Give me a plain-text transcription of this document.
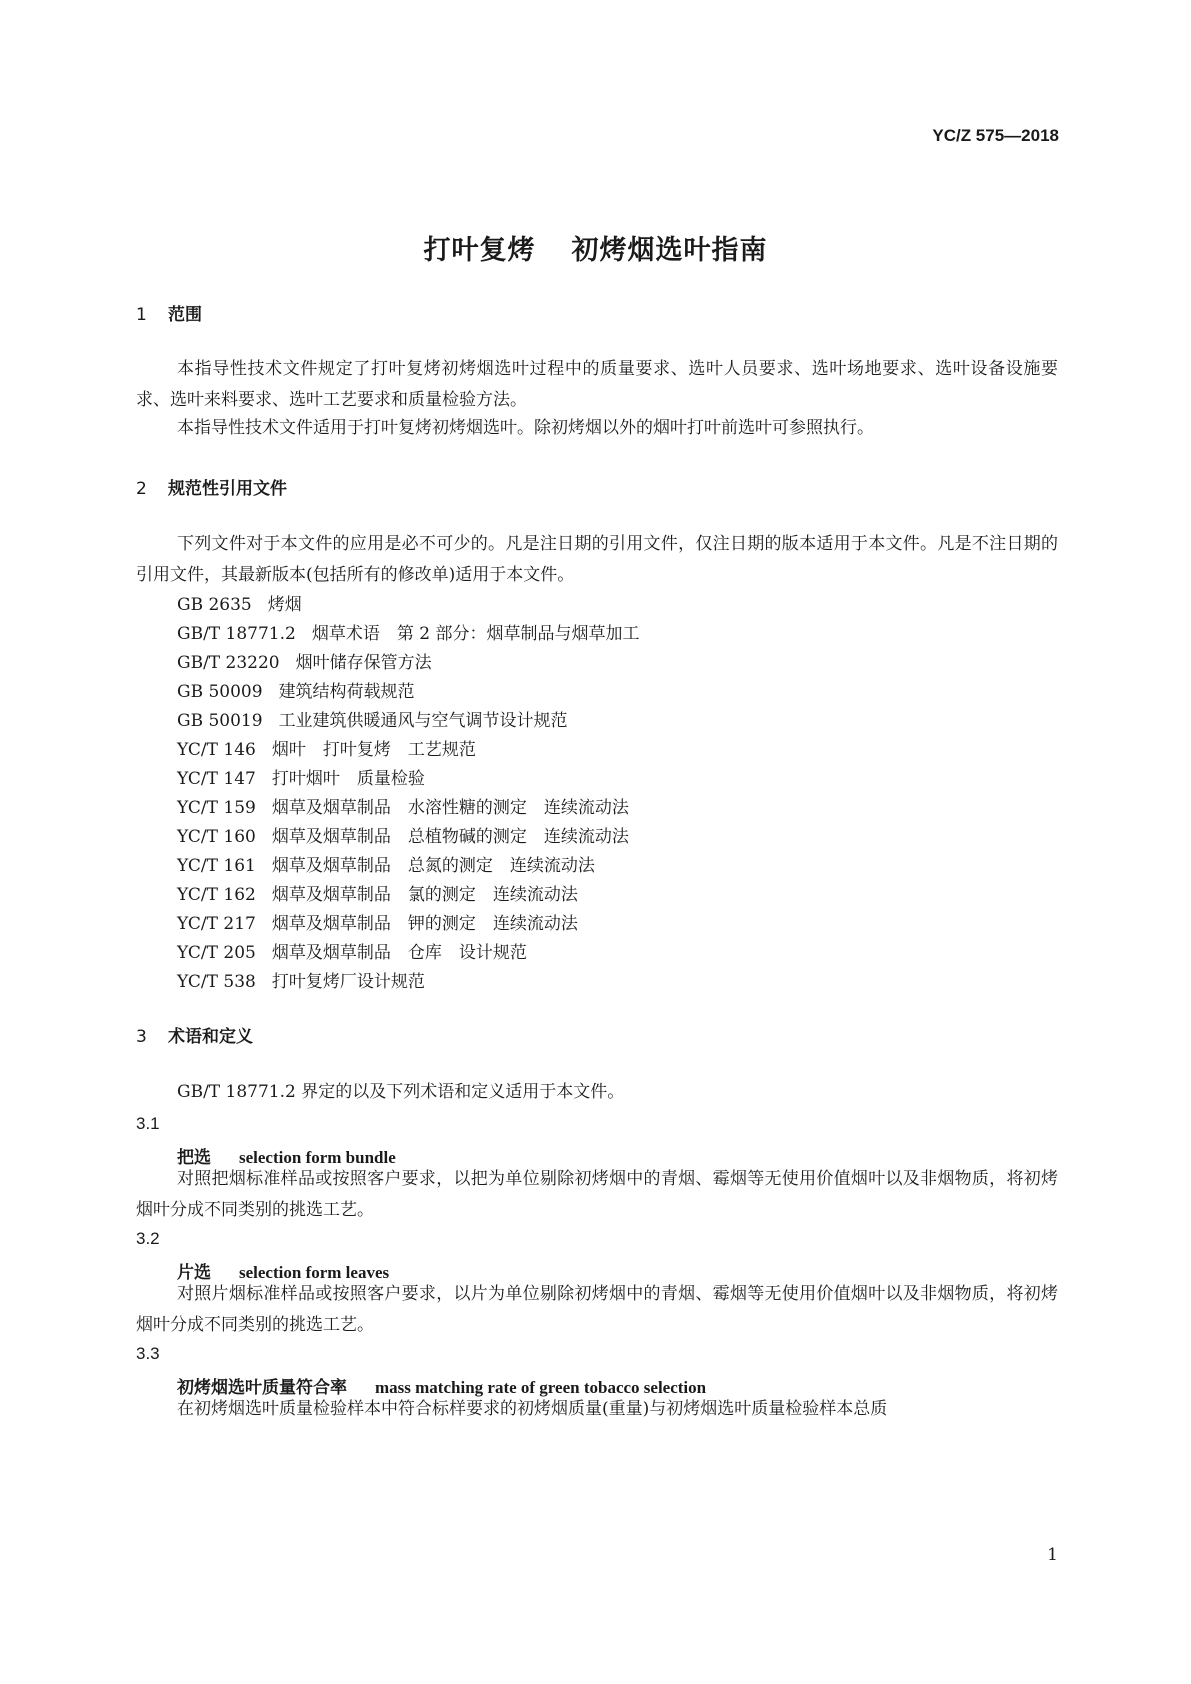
YC/Z 575—2018
打叶复烤 初烤烟选叶指南
1 范围
本指导性技术文件规定了打叶复烤初烤烟选叶过程中的质量要求、选叶人员要求、选叶场地要求、选叶设备设施要求、选叶来料要求、选叶工艺要求和质量检验方法。
本指导性技术文件适用于打叶复烤初烤烟选叶。除初烤烟以外的烟叶打叶前选叶可参照执行。
2 规范性引用文件
下列文件对于本文件的应用是必不可少的。凡是注日期的引用文件，仅注日期的版本适用于本文件。凡是不注日期的引用文件，其最新版本(包括所有的修改单)适用于本文件。
GB 2635 烤烟
GB/T 18771.2 烟草术语　第 2 部分：烟草制品与烟草加工
GB/T 23220 烟叶储存保管方法
GB 50009 建筑结构荷载规范
GB 50019 工业建筑供暖通风与空气调节设计规范
YC/T 146 烟叶　打叶复烤　工艺规范
YC/T 147 打叶烟叶　质量检验
YC/T 159 烟草及烟草制品　水溶性糖的测定　连续流动法
YC/T 160 烟草及烟草制品　总植物碱的测定　连续流动法
YC/T 161 烟草及烟草制品　总氮的测定　连续流动法
YC/T 162 烟草及烟草制品　氯的测定　连续流动法
YC/T 217 烟草及烟草制品　钾的测定　连续流动法
YC/T 205 烟草及烟草制品　仓库　设计规范
YC/T 538 打叶复烤厂设计规范
3 术语和定义
GB/T 18771.2 界定的以及下列术语和定义适用于本文件。
3.1
把选 selection form bundle
对照把烟标准样品或按照客户要求，以把为单位剔除初烤烟中的青烟、霉烟等无使用价值烟叶以及非烟物质，将初烤烟叶分成不同类别的挑选工艺。
3.2
片选 selection form leaves
对照片烟标准样品或按照客户要求，以片为单位剔除初烤烟中的青烟、霉烟等无使用价值烟叶以及非烟物质，将初烤烟叶分成不同类别的挑选工艺。
3.3
初烤烟选叶质量符合率 mass matching rate of green tobacco selection
在初烤烟选叶质量检验样本中符合标样要求的初烤烟质量(重量)与初烤烟选叶质量检验样本总质
1
